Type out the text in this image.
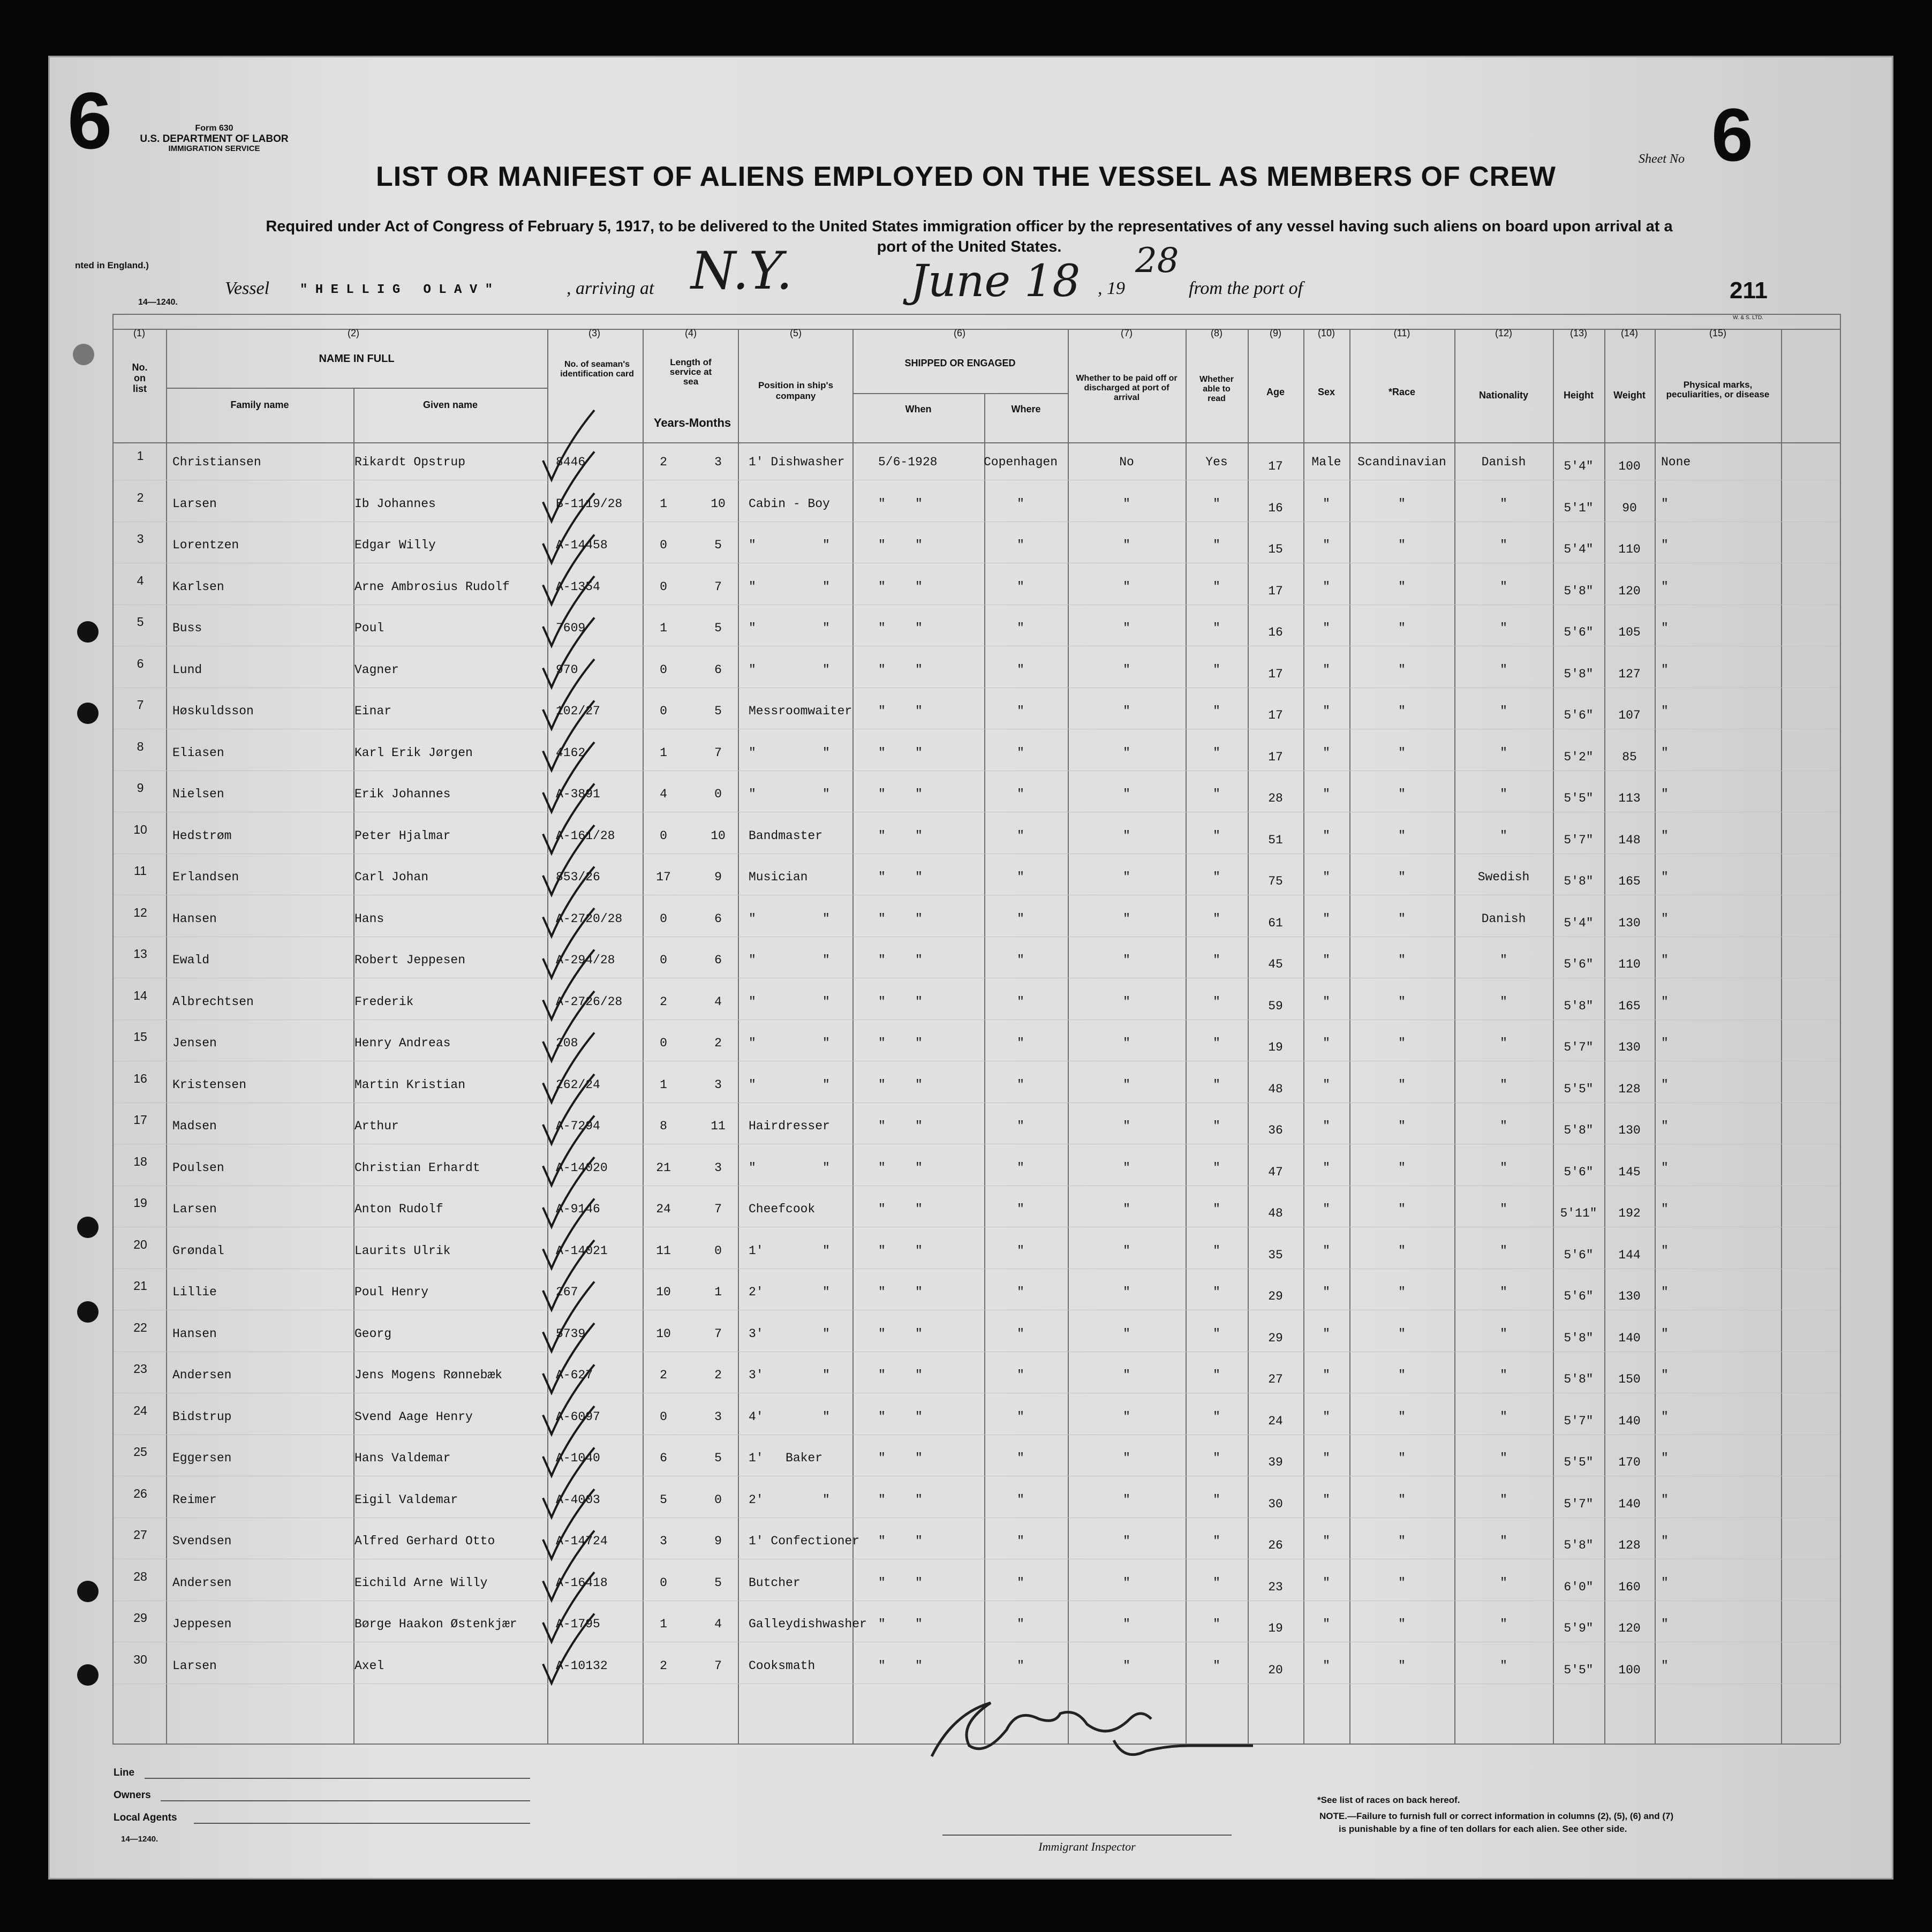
6	Form 630
U.S. DEPARTMENT OF LABOR
IMMIGRATION SERVICE
Sheet No 6
LIST OR MANIFEST OF ALIENS EMPLOYED ON THE VESSEL AS MEMBERS OF CREW
Required under Act of Congress of February 5, 1917, to be delivered to the United States immigration officer by the representatives of any vessel having such aliens on board upon arrival at a
port of the United States.
nted in England.)
14—1240.
Vessel " H E L L I G   O L A V "	, arriving at N.Y.	June 18 , 19
28
from the port of	211
W. & S. LTD.
(1)	(2)	(3)	(4)	(5)	(6)	(7)	(8)	(9)	(10)	(11)	(12)	(13)	(14)	(15)
No. on list
NAME IN FULL
Family name	Given name
No. of seaman's identification card
Length of service at sea
Years-Months
Position in ship's company
SHIPPED OR ENGAGED
When	Where
Whether to be paid off or discharged at port of arrival
Whether able to read
Age	Sex	*Race	Nationality	Height	Weight
Physical marks, peculiarities, or disease
1	Christiansen	Rikardt Opstrup	8446	2	3	1' Dishwasher	5/6-1928	Copenhagen	No	Yes	17	Male	Scandinavian	Danish	5'4"	100	None
2	Larsen	Ib Johannes	B-1119/28	1	10	Cabin - Boy	"    "	"	"	"	16	"	"	"	5'1"	90	"
3	Lorentzen	Edgar Willy	A-14458	0	5	"         "	"    "	"	"	"	15	"	"	"	5'4"	110	"
4	Karlsen	Arne Ambrosius Rudolf	A-1354	0	7	"         "	"    "	"	"	"	17	"	"	"	5'8"	120	"
5	Buss	Poul	7609	1	5	"         "	"    "	"	"	"	16	"	"	"	5'6"	105	"
6	Lund	Vagner	970	0	6	"         "	"    "	"	"	"	17	"	"	"	5'8"	127	"
7	Høskuldsson	Einar	102/27	0	5	Messroomwaiter "    "	"	"	"	17	"	"	"	5'6"	107	"
8	Eliasen	Karl Erik Jørgen	4162	1	7	"         "	"    "	"	"	"	17	"	"	"	5'2"	85	"
9	Nielsen	Erik Johannes	A-3891	4	0	"         "	"    "	"	"	"	28	"	"	"	5'5"	113	"
10	Hedstrøm	Peter Hjalmar	A-161/28	0	10	Bandmaster	"    "	"	"	"	51	"	"	"	5'7"	148	"
11	Erlandsen	Carl Johan	853/26	17	9	Musician	"    "	"	"	"	75	"	"	Swedish	5'8"	165	"
12	Hansen	Hans	A-2720/28	0	6	"         "	"    "	"	"	"	61	"	"	Danish	5'4"	130	"
13	Ewald	Robert Jeppesen	A-294/28	0	6	"         "	"    "	"	"	"	45	"	"	"	5'6"	110	"
14	Albrechtsen	Frederik	A-2726/28	2	4	"         "	"    "	"	"	"	59	"	"	"	5'8"	165	"
15	Jensen	Henry Andreas	208	0	2	"         "	"    "	"	"	"	19	"	"	"	5'7"	130	"
16	Kristensen	Martin Kristian	262/24	1	3	"         "	"    "	"	"	"	48	"	"	"	5'5"	128	"
17	Madsen	Arthur	A-7294	8	11	Hairdresser	"    "	"	"	"	36	"	"	"	5'8"	130	"
18	Poulsen	Christian Erhardt	A-14020	21	3	"         "	"    "	"	"	"	47	"	"	"	5'6"	145	"
19	Larsen	Anton Rudolf	A-9146	24	7	Cheefcook	"    "	"	"	"	48	"	"	"	5'11"	192	"
20	Grøndal	Laurits Ulrik	A-14021	11	0	1'        "	"    "	"	"	"	35	"	"	"	5'6"	144	"
21	Lillie	Poul Henry	267	10	1	2'        "	"    "	"	"	"	29	"	"	"	5'6"	130	"
22	Hansen	Georg	5739	10	7	3'        "	"    "	"	"	"	29	"	"	"	5'8"	140	"
23	Andersen	Jens Mogens Rønnebæk	A-627	2	2	3'        "	"    "	"	"	"	27	"	"	"	5'8"	150	"
24	Bidstrup	Svend Aage Henry	A-6097	0	3	4'        "	"    "	"	"	"	24	"	"	"	5'7"	140	"
25	Eggersen	Hans Valdemar	A-1040	6	5	1'   Baker	"    "	"	"	"	39	"	"	"	5'5"	170	"
26	Reimer	Eigil Valdemar	A-4003	5	0	2'        "	"    "	"	"	"	30	"	"	"	5'7"	140	"
27	Svendsen	Alfred Gerhard Otto	A-14724	3	9	1' Confectioner "    "	"	"	"	26	"	"	"	5'8"	128	"
28	Andersen	Eichild Arne Willy	A-16418	0	5	Butcher	"    "	"	"	"	23	"	"	"	6'0"	160	"
29	Jeppesen	Børge Haakon Østenkjær	A-1795	1	4	Galleydishwasher "    "	"	"	"	19	"	"	"	5'9"	120	"
30	Larsen	Axel	A-10132	2	7	Cooksmath	"    "	"	"	"	20	"	"	"	5'5"	100	"
Line
Owners
Local Agents
14—1240.
Immigrant Inspector
*See list of races on back hereof.
NOTE.—Failure to furnish full or correct information in columns (2), (5), (6) and (7)
is punishable by a fine of ten dollars for each alien. See other side.
